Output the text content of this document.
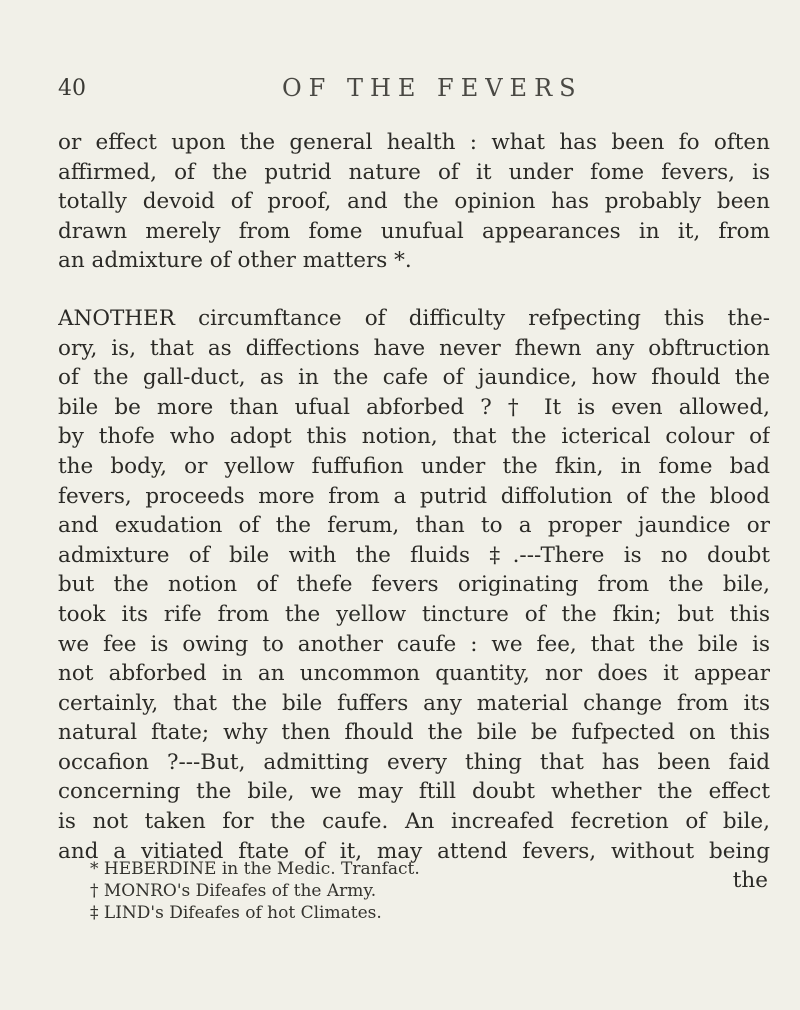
40	OF THE FEVERS
or effect upon the general health : what has been fo often
affirmed, of the putrid nature of it under fome fevers, is
totally devoid of proof, and the opinion has probably been
drawn merely from fome unufual appearances in it, from
an admixture of other matters *.
ANOTHER circumftance of difficulty refpecting this the-
ory, is, that as diffections have never fhewn any obftruction
of the gall-duct, as in the cafe of jaundice, how fhould the
bile be more than ufual abforbed ? † It is even allowed,
by thofe who adopt this notion, that the icterical colour of
the body, or yellow fuffufion under the fkin, in fome bad
fevers, proceeds more from a putrid diffolution of the blood
and exudation of the ferum, than to a proper jaundice or
admixture of bile with the fluids ‡.---There is no doubt
but the notion of thefe fevers originating from the bile,
took its rife from the yellow tincture of the fkin; but this
we fee is owing to another caufe : we fee, that the bile is
not abforbed in an uncommon quantity, nor does it appear
certainly, that the bile fuffers any material change from its
natural ftate; why then fhould the bile be fufpected on this
occafion ?---But, admitting every thing that has been faid
concerning the bile, we may ftill doubt whether the effect
is not taken for the caufe. An increafed fecretion of bile,
and a vitiated ftate of it, may attend fevers, without being
the
* HEBERDINE in the Medic. Tranfact.
† MONRO's Difeafes of the Army.
‡ LIND's Difeafes of hot Climates.
